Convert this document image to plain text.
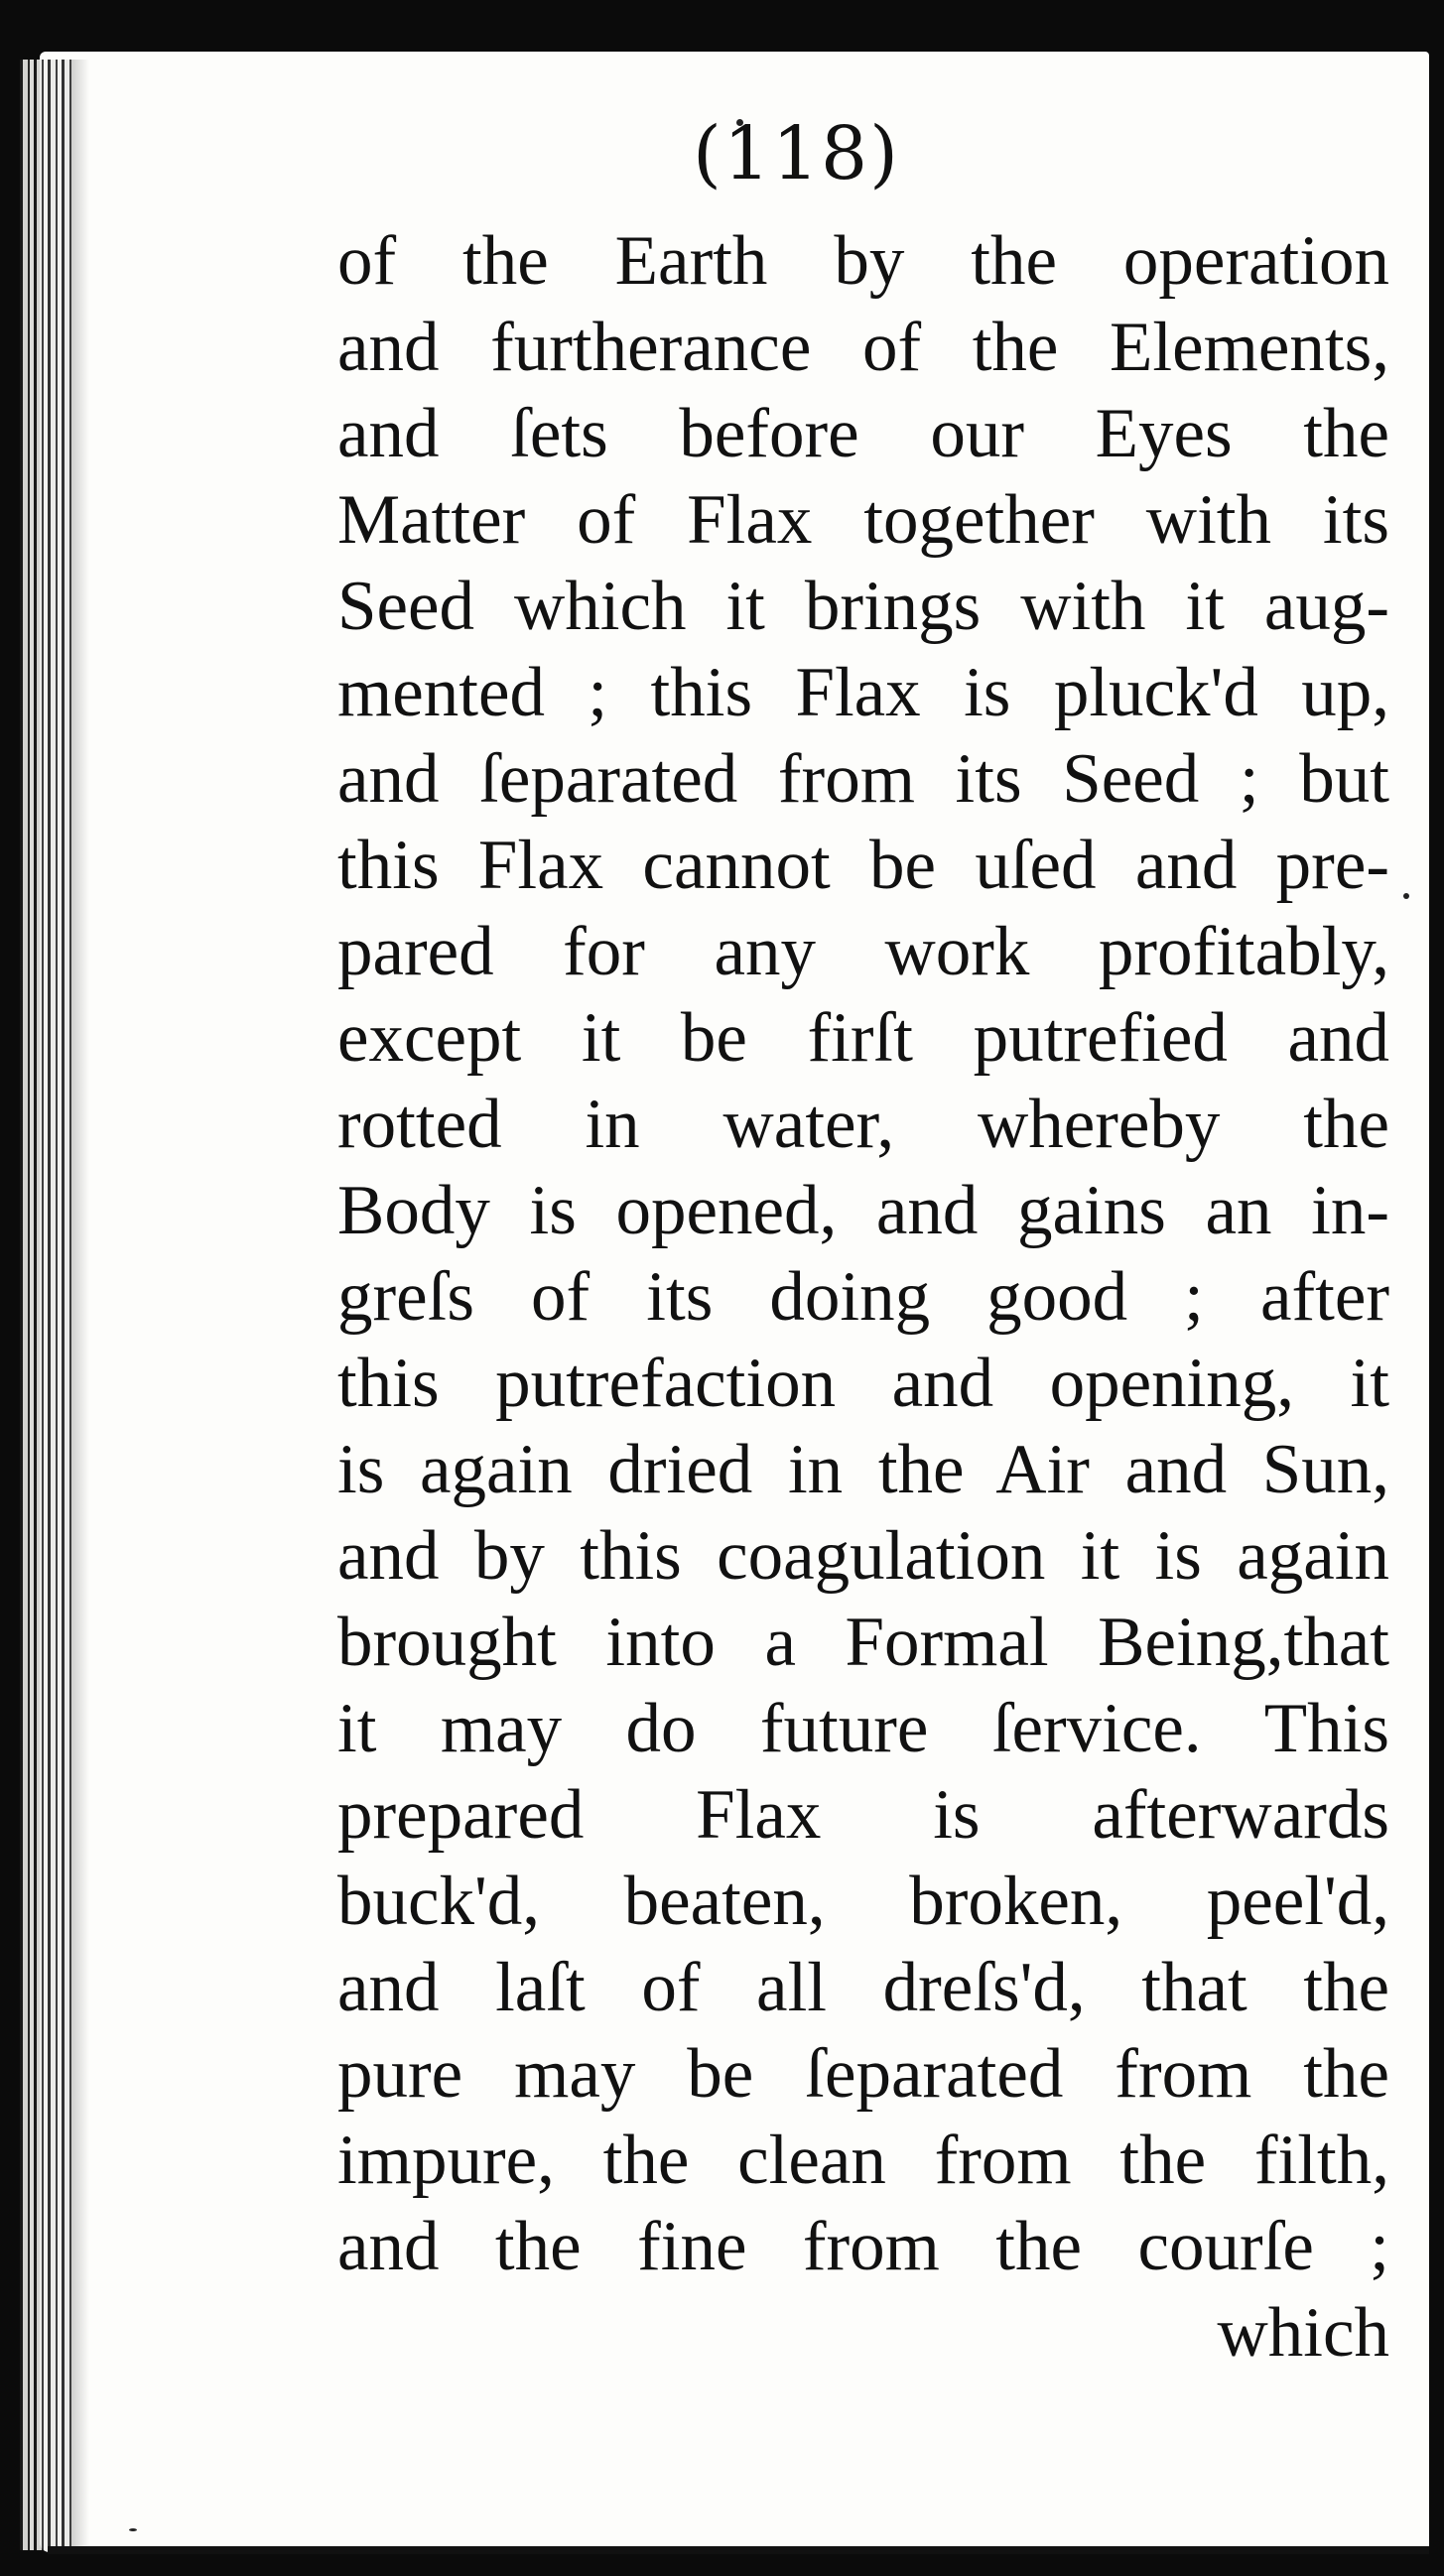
(118)
of the Earth by the operation
and furtherance of the Elements,
and ſets before our Eyes the
Matter of Flax together with its
Seed which it brings with it aug-
mented ; this Flax is pluck'd up,
and ſeparated from its Seed ; but
this Flax cannot be uſed and pre-
pared for any work profitably,
except it be firſt putrefied and
rotted in water, whereby the
Body is opened, and gains an in-
greſs of its doing good ; after
this putrefaction and opening, it
is again dried in the Air and Sun,
and by this coagulation it is again
brought into a Formal Being,that
it may do future ſervice. This
prepared Flax is afterwards
buck'd, beaten, broken, peel'd,
and laſt of all dreſs'd, that the
pure may be ſeparated from the
impure, the clean from the filth,
and the fine from the courſe ;
which
